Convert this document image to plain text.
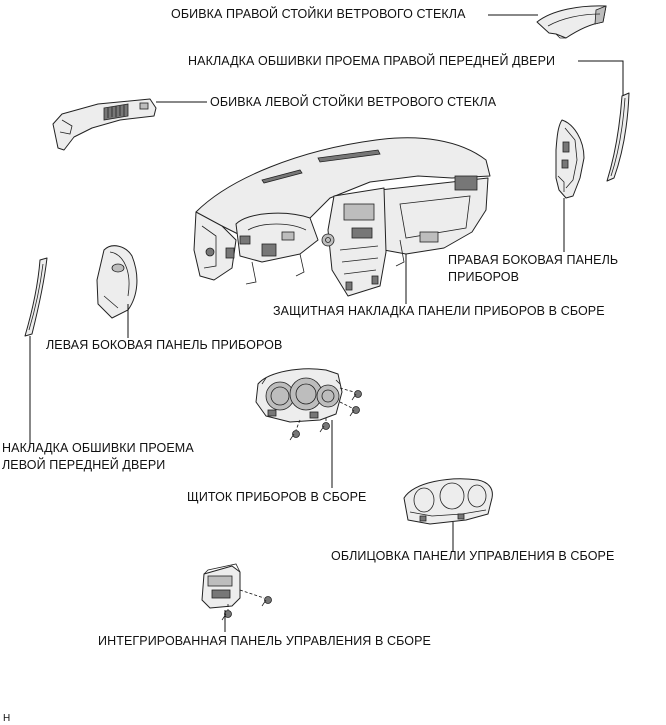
ОБИВКА ПРАВОЙ СТОЙКИ ВЕТРОВОГО СТЕКЛА
НАКЛАДКА ОБШИВКИ ПРОЕМА ПРАВОЙ ПЕРЕДНЕЙ ДВЕРИ
ОБИВКА ЛЕВОЙ СТОЙКИ ВЕТРОВОГО СТЕКЛА
ПРАВАЯ БОКОВАЯ ПАНЕЛЬ
ПРИБОРОВ
ЗАЩИТНАЯ НАКЛАДКА ПАНЕЛИ ПРИБОРОВ В СБОРЕ
ЛЕВАЯ БОКОВАЯ ПАНЕЛЬ ПРИБОРОВ
НАКЛАДКА ОБШИВКИ ПРОЕМА
ЛЕВОЙ ПЕРЕДНЕЙ ДВЕРИ
ЩИТОК ПРИБОРОВ В СБОРЕ
ОБЛИЦОВКА ПАНЕЛИ УПРАВЛЕНИЯ В СБОРЕ
ИНТЕГРИРОВАННАЯ ПАНЕЛЬ УПРАВЛЕНИЯ В СБОРЕ
H
